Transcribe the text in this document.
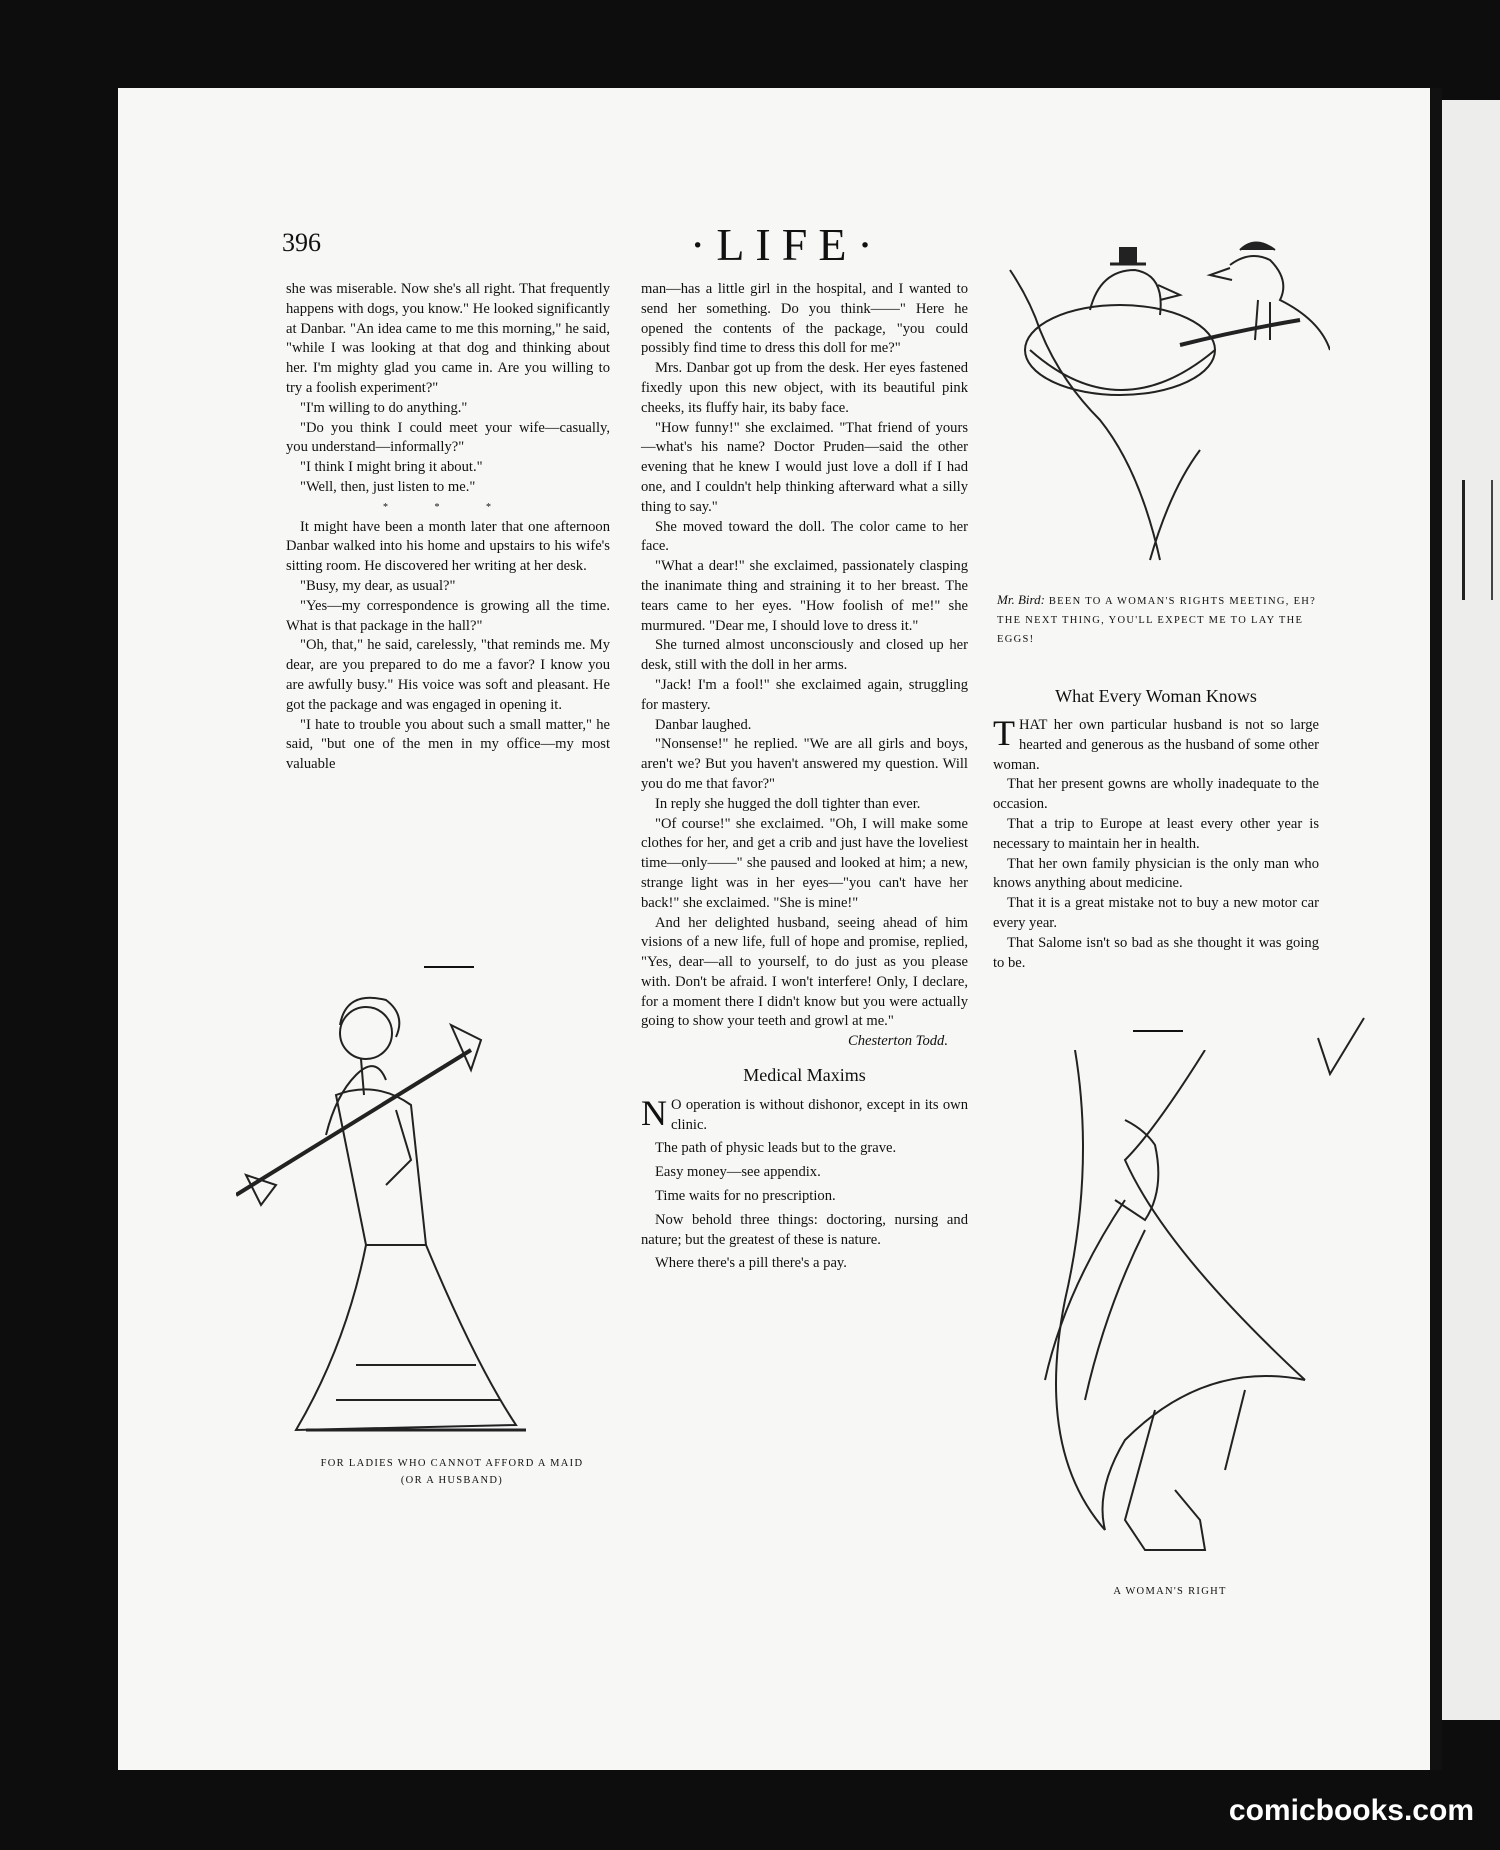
396	·LIFE·

she was miserable. Now she's all right. That frequently happens with dogs, you know." He looked significantly at Danbar. "An idea came to me this morning," he said, "while I was looking at that dog and thinking about her. I'm mighty glad you came in. Are you willing to try a foolish experiment?"

"I'm willing to do anything."

"Do you think I could meet your wife—casually, you understand—informally?"

"I think I might bring it about."

"Well, then, just listen to me."

* * *

It might have been a month later that one afternoon Danbar walked into his home and upstairs to his wife's sitting room. He discovered her writing at her desk.

"Busy, my dear, as usual?"

"Yes—my correspondence is growing all the time. What is that package in the hall?"

"Oh, that," he said, carelessly, "that reminds me. My dear, are you prepared to do me a favor? I know you are awfully busy." His voice was soft and pleasant. He got the package and was engaged in opening it.

"I hate to trouble you about such a small matter," he said, "but one of the men in my office—my most valuable

FOR LADIES WHO CANNOT AFFORD A MAID
(OR A HUSBAND)

man—has a little girl in the hospital, and I wanted to send her something. Do you think——" Here he opened the contents of the package, "you could possibly find time to dress this doll for me?"

Mrs. Danbar got up from the desk. Her eyes fastened fixedly upon this new object, with its beautiful pink cheeks, its fluffy hair, its baby face.

"How funny!" she exclaimed. "That friend of yours—what's his name? Doctor Pruden—said the other evening that he knew I would just love a doll if I had one, and I couldn't help thinking afterward what a silly thing to say."

She moved toward the doll. The color came to her face.

"What a dear!" she exclaimed, passionately clasping the inanimate thing and straining it to her breast. The tears came to her eyes. "How foolish of me!" she murmured. "Dear me, I should love to dress it."

She turned almost unconsciously and closed up her desk, still with the doll in her arms.

"Jack! I'm a fool!" she exclaimed again, struggling for mastery.

Danbar laughed.

"Nonsense!" he replied. "We are all girls and boys, aren't we? But you haven't answered my question. Will you do me that favor?"

In reply she hugged the doll tighter than ever.

"Of course!" she exclaimed. "Oh, I will make some clothes for her, and get a crib and just have the loveliest time—only——" she paused and looked at him; a new, strange light was in her eyes—"you can't have her back!" she exclaimed. "She is mine!"

And her delighted husband, seeing ahead of him visions of a new life, full of hope and promise, replied, "Yes, dear—all to yourself, to do just as you please with. Don't be afraid. I won't interfere! Only, I declare, for a moment there I didn't know but you were actually going to show your teeth and growl at me."

Chesterton Todd.

Medical Maxims

N O operation is without dishonor, except in its own clinic.

The path of physic leads but to the grave.

Easy money—see appendix.

Time waits for no prescription.

Now behold three things: doctoring, nursing and nature; but the greatest of these is nature.

Where there's a pill there's a pay.

Mr. Bird: BEEN TO A WOMAN'S RIGHTS MEETING, EH? THE NEXT THING, YOU'LL EXPECT ME TO LAY THE EGGS!
What Every Woman Knows

THAT her own particular husband is not so large hearted and generous as the husband of some other woman.

That her present gowns are wholly inadequate to the occasion.

That a trip to Europe at least every other year is necessary to maintain her in health.

That her own family physician is the only man who knows anything about medicine.

That it is a great mistake not to buy a new motor car every year.

That Salome isn't so bad as she thought it was going to be.

A WOMAN'S RIGHT
comicbooks.com
